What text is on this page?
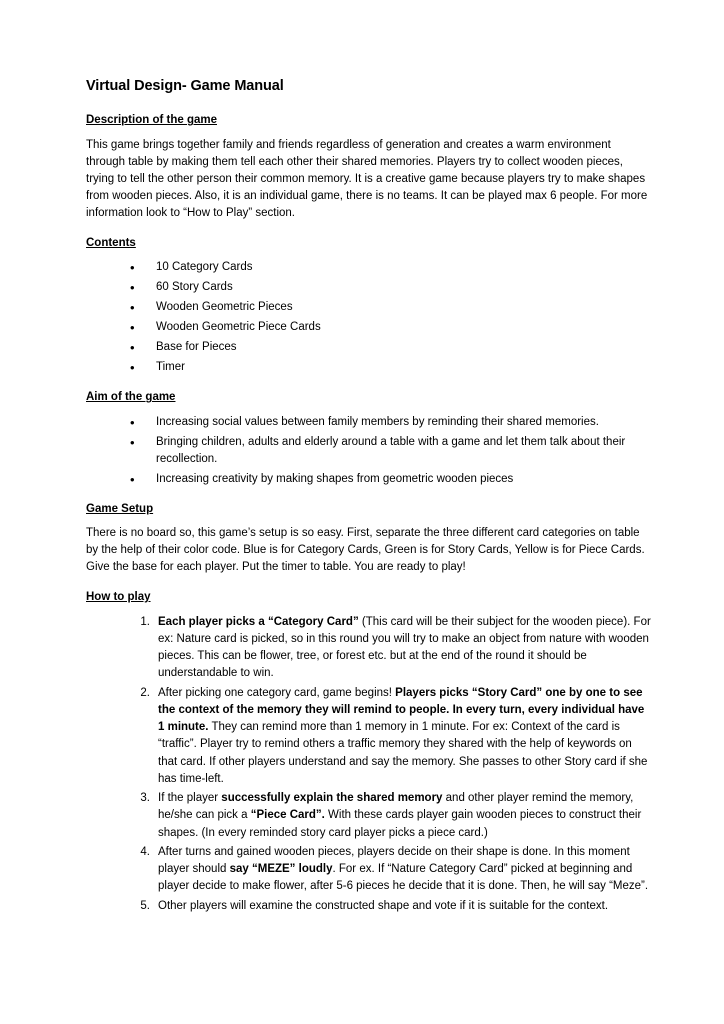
Virtual Design- Game Manual
Description of the game

This game brings together family and friends regardless of generation and creates a warm environment through table by making them tell each other their shared memories. Players try to collect wooden pieces, trying to tell the other person their common memory. It is a creative game because players try to make shapes from wooden pieces. Also, it is an individual game, there is no teams. It can be played max 6 people. For more information look to “How to Play” section.

Contents
• 10 Category Cards
• 60 Story Cards
• Wooden Geometric Pieces
• Wooden Geometric Piece Cards
• Base for Pieces
• Timer
Aim of the game
• Increasing social values between family members by reminding their shared memories.
• Bringing children, adults and elderly around a table with a game and let them talk about their recollection.
• Increasing creativity by making shapes from geometric wooden pieces
Game Setup

There is no board so, this game’s setup is so easy. First, separate the three different card categories on table by the help of their color code. Blue is for Category Cards, Green is for Story Cards, Yellow is for Piece Cards. Give the base for each player. Put the timer to table. You are ready to play!

How to play
Each player picks a “Category Card” (This card will be their subject for the wooden piece). For ex: Nature card is picked, so in this round you will try to make an object from nature with wooden pieces. This can be flower, tree, or forest etc. but at the end of the round it should be understandable to win.
After picking one category card, game begins! Players picks “Story Card” one by one to see the context of the memory they will remind to people. In every turn, every individual have 1 minute. They can remind more than 1 memory in 1 minute. For ex: Context of the card is “traffic”. Player try to remind others a traffic memory they shared with the help of keywords on that card. If other players understand and say the memory. She passes to other Story card if she has time-left.
If the player successfully explain the shared memory and other player remind the memory, he/she can pick a “Piece Card”. With these cards player gain wooden pieces to construct their shapes. (In every reminded story card player picks a piece card.)
After turns and gained wooden pieces, players decide on their shape is done. In this moment player should say “MEZE” loudly. For ex. If “Nature Category Card” picked at beginning and player decide to make flower, after 5-6 pieces he decide that it is done. Then, he will say “Meze”.
Other players will examine the constructed shape and vote if it is suitable for the context.
